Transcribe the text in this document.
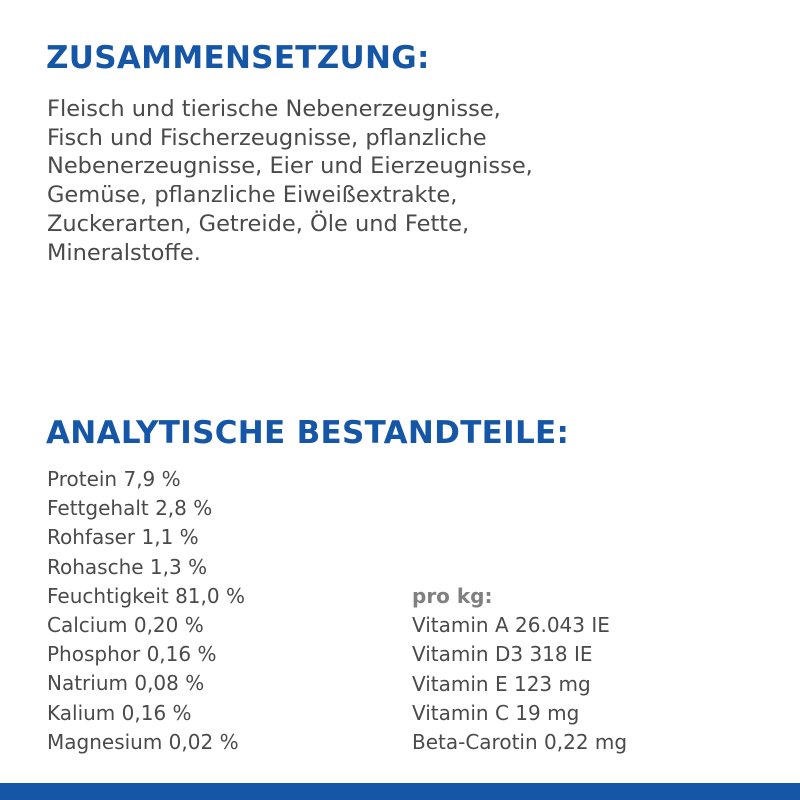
ZUSAMMENSETZUNG:

Fleisch und tierische Nebenerzeugnisse,
Fisch und Fischerzeugnisse, pflanzliche
Nebenerzeugnisse, Eier und Eierzeugnisse,
Gemüse, pflanzliche Eiweißextrakte,
Zuckerarten, Getreide, Öle und Fette,
Mineralstoffe.

ANALYTISCHE BESTANDTEILE:
Protein 7,9 %
Fettgehalt 2,8 %
Rohfaser 1,1 %
Rohasche 1,3 %
Feuchtigkeit 81,0 %
Calcium 0,20 %
Phosphor 0,16 %
Natrium 0,08 %
Kalium 0,16 %
Magnesium 0,02 %
pro kg:
Vitamin A 26.043 IE
Vitamin D3 318 IE
Vitamin E 123 mg
Vitamin C 19 mg
Beta-Carotin 0,22 mg
